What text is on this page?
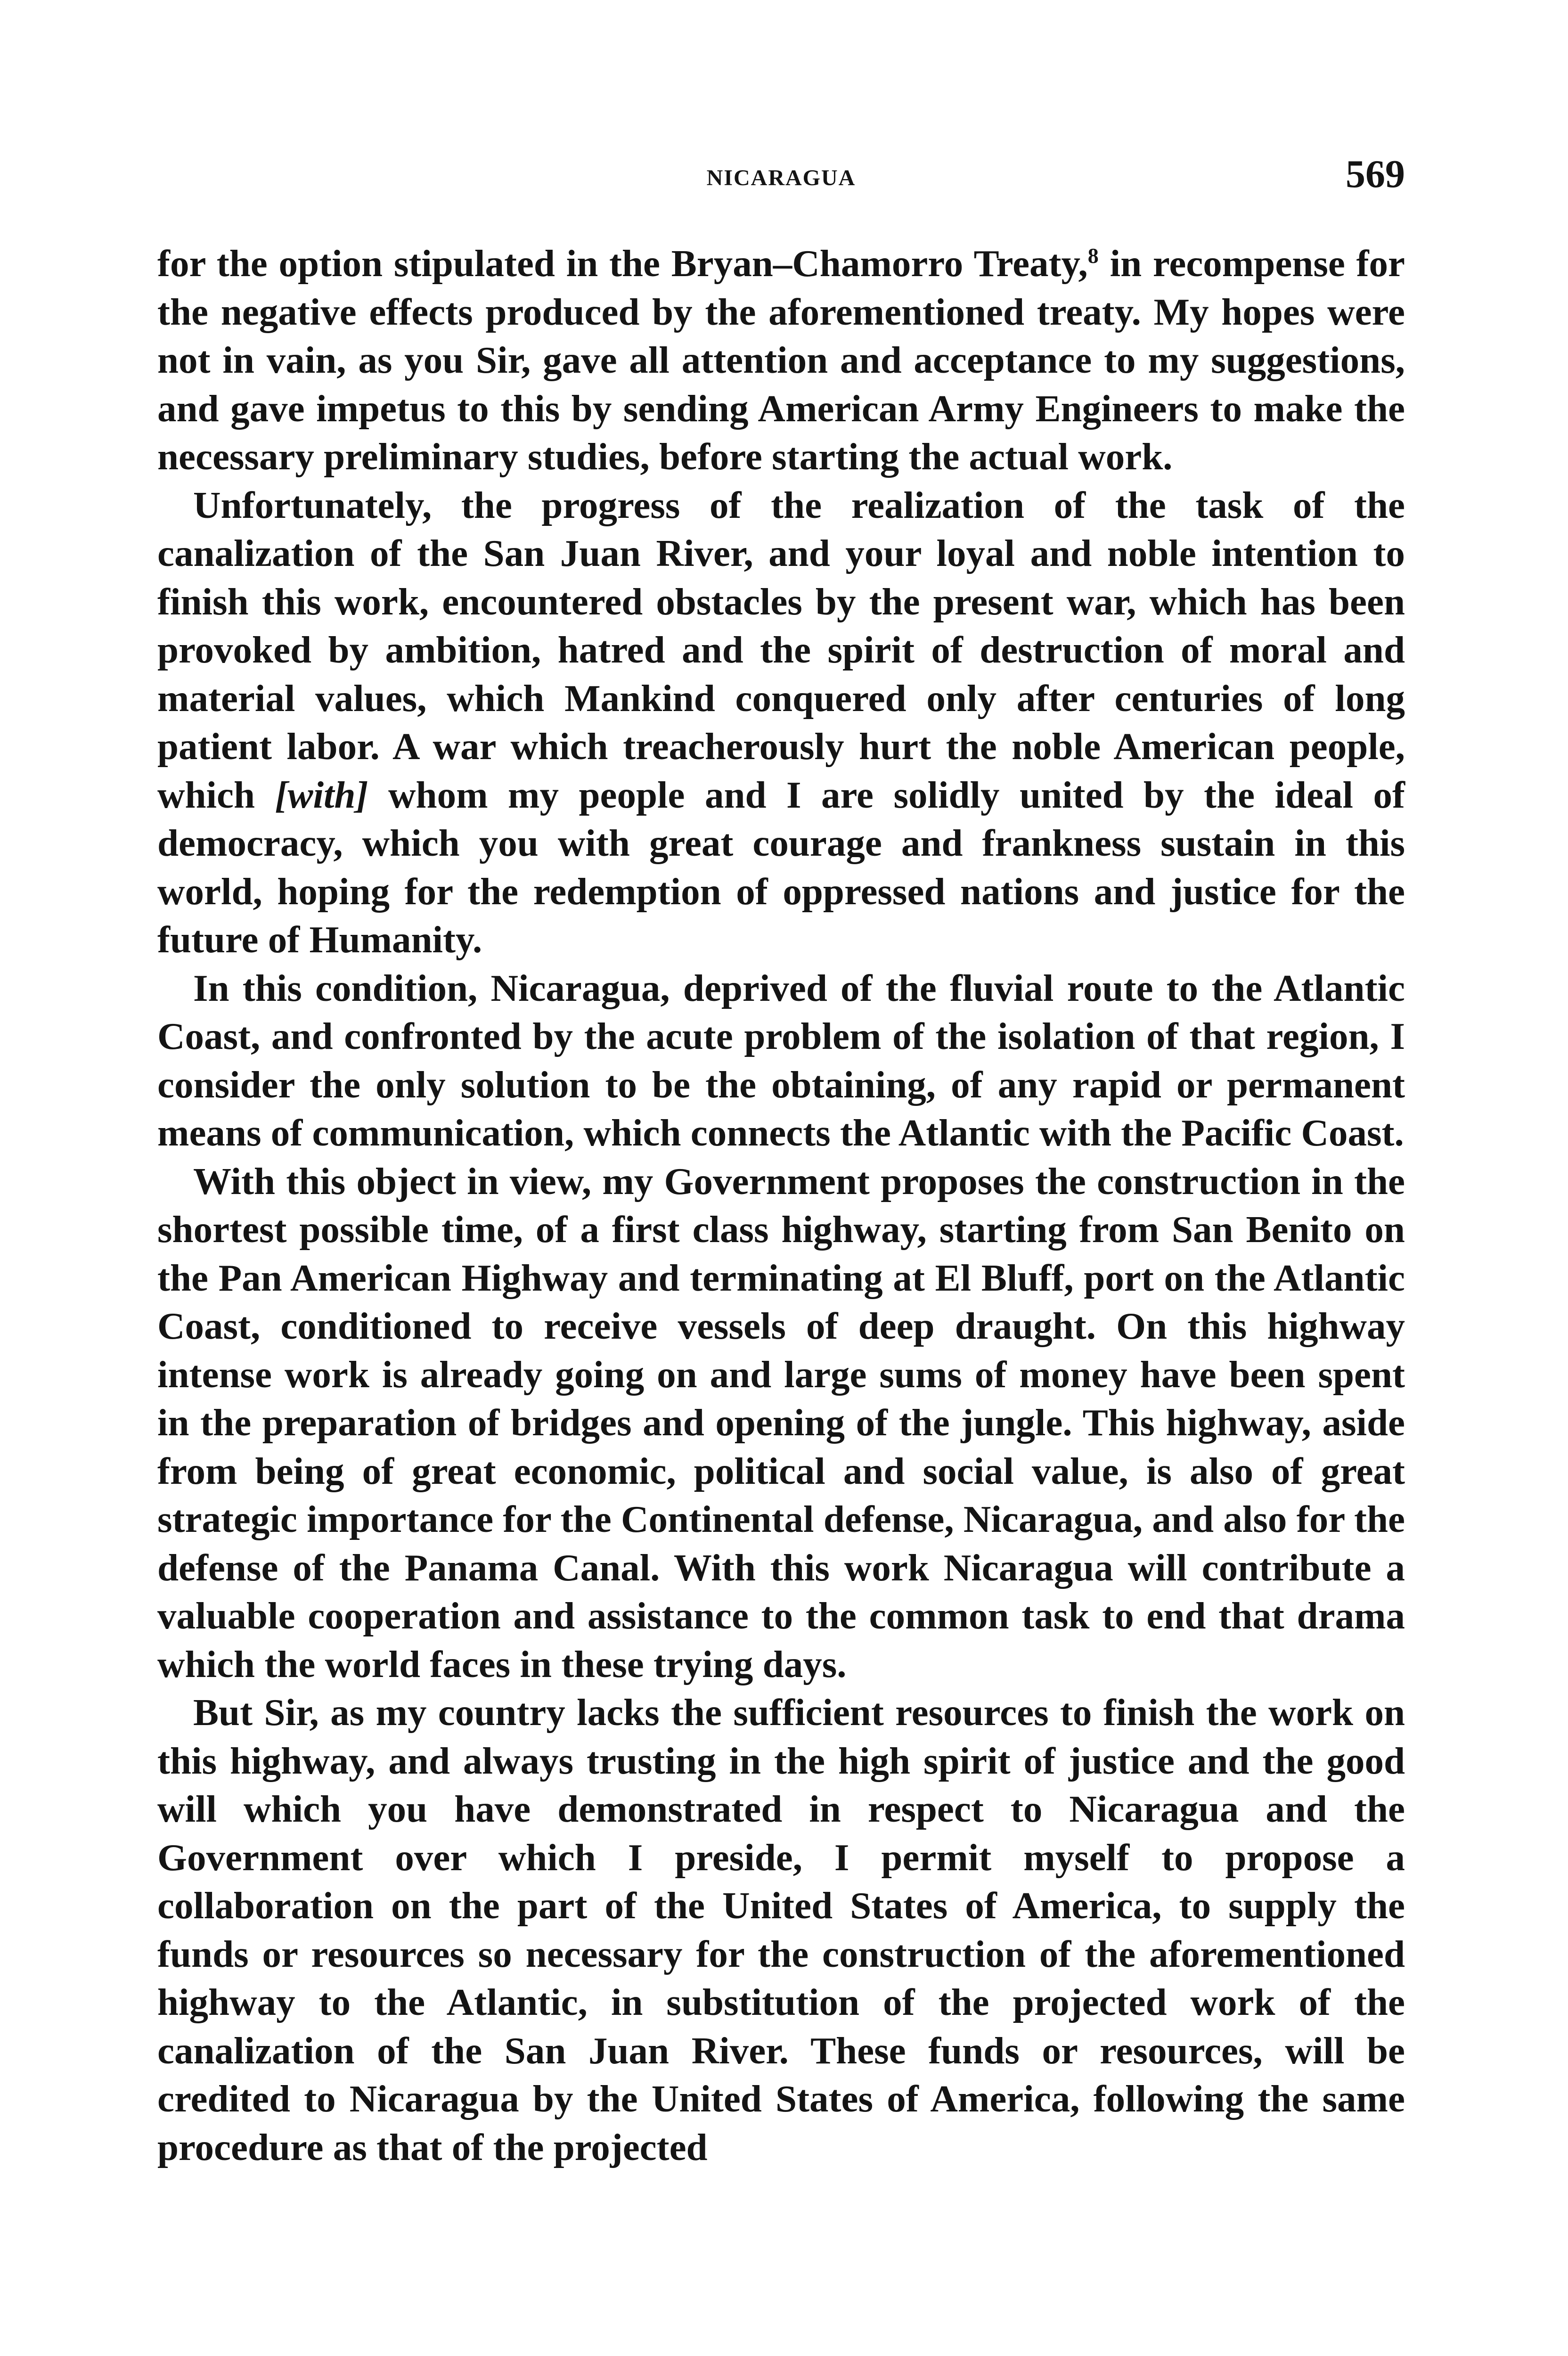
NICARAGUA	569

for the option stipulated in the Bryan–Chamorro Treaty,$^8$ in recompense for the negative effects produced by the aforementioned treaty. My hopes were not in vain, as you Sir, gave all attention and acceptance to my suggestions, and gave impetus to this by sending American Army Engineers to make the necessary preliminary studies, before starting the actual work.

Unfortunately, the progress of the realization of the task of the canalization of the San Juan River, and your loyal and noble intention to finish this work, encountered obstacles by the present war, which has been provoked by ambition, hatred and the spirit of destruction of moral and material values, which Mankind conquered only after centuries of long patient labor. A war which treacherously hurt the noble American people, which [with] whom my people and I are solidly united by the ideal of democracy, which you with great courage and frankness sustain in this world, hoping for the redemption of oppressed nations and justice for the future of Humanity.

In this condition, Nicaragua, deprived of the fluvial route to the Atlantic Coast, and confronted by the acute problem of the isolation of that region, I consider the only solution to be the obtaining, of any rapid or permanent means of communication, which connects the Atlantic with the Pacific Coast.

With this object in view, my Government proposes the construction in the shortest possible time, of a first class highway, starting from San Benito on the Pan American Highway and terminating at El Bluff, port on the Atlantic Coast, conditioned to receive vessels of deep draught. On this highway intense work is already going on and large sums of money have been spent in the preparation of bridges and opening of the jungle. This highway, aside from being of great economic, political and social value, is also of great strategic importance for the Continental defense, Nicaragua, and also for the defense of the Panama Canal. With this work Nicaragua will contribute a valuable cooperation and assistance to the common task to end that drama which the world faces in these trying days.

But Sir, as my country lacks the sufficient resources to finish the work on this highway, and always trusting in the high spirit of justice and the good will which you have demonstrated in respect to Nicaragua and the Government over which I preside, I permit myself to propose a collaboration on the part of the United States of America, to supply the funds or resources so necessary for the construction of the aforementioned highway to the Atlantic, in substitution of the projected work of the canalization of the San Juan River. These funds or resources, will be credited to Nicaragua by the United States of America, following the same procedure as that of the projected
